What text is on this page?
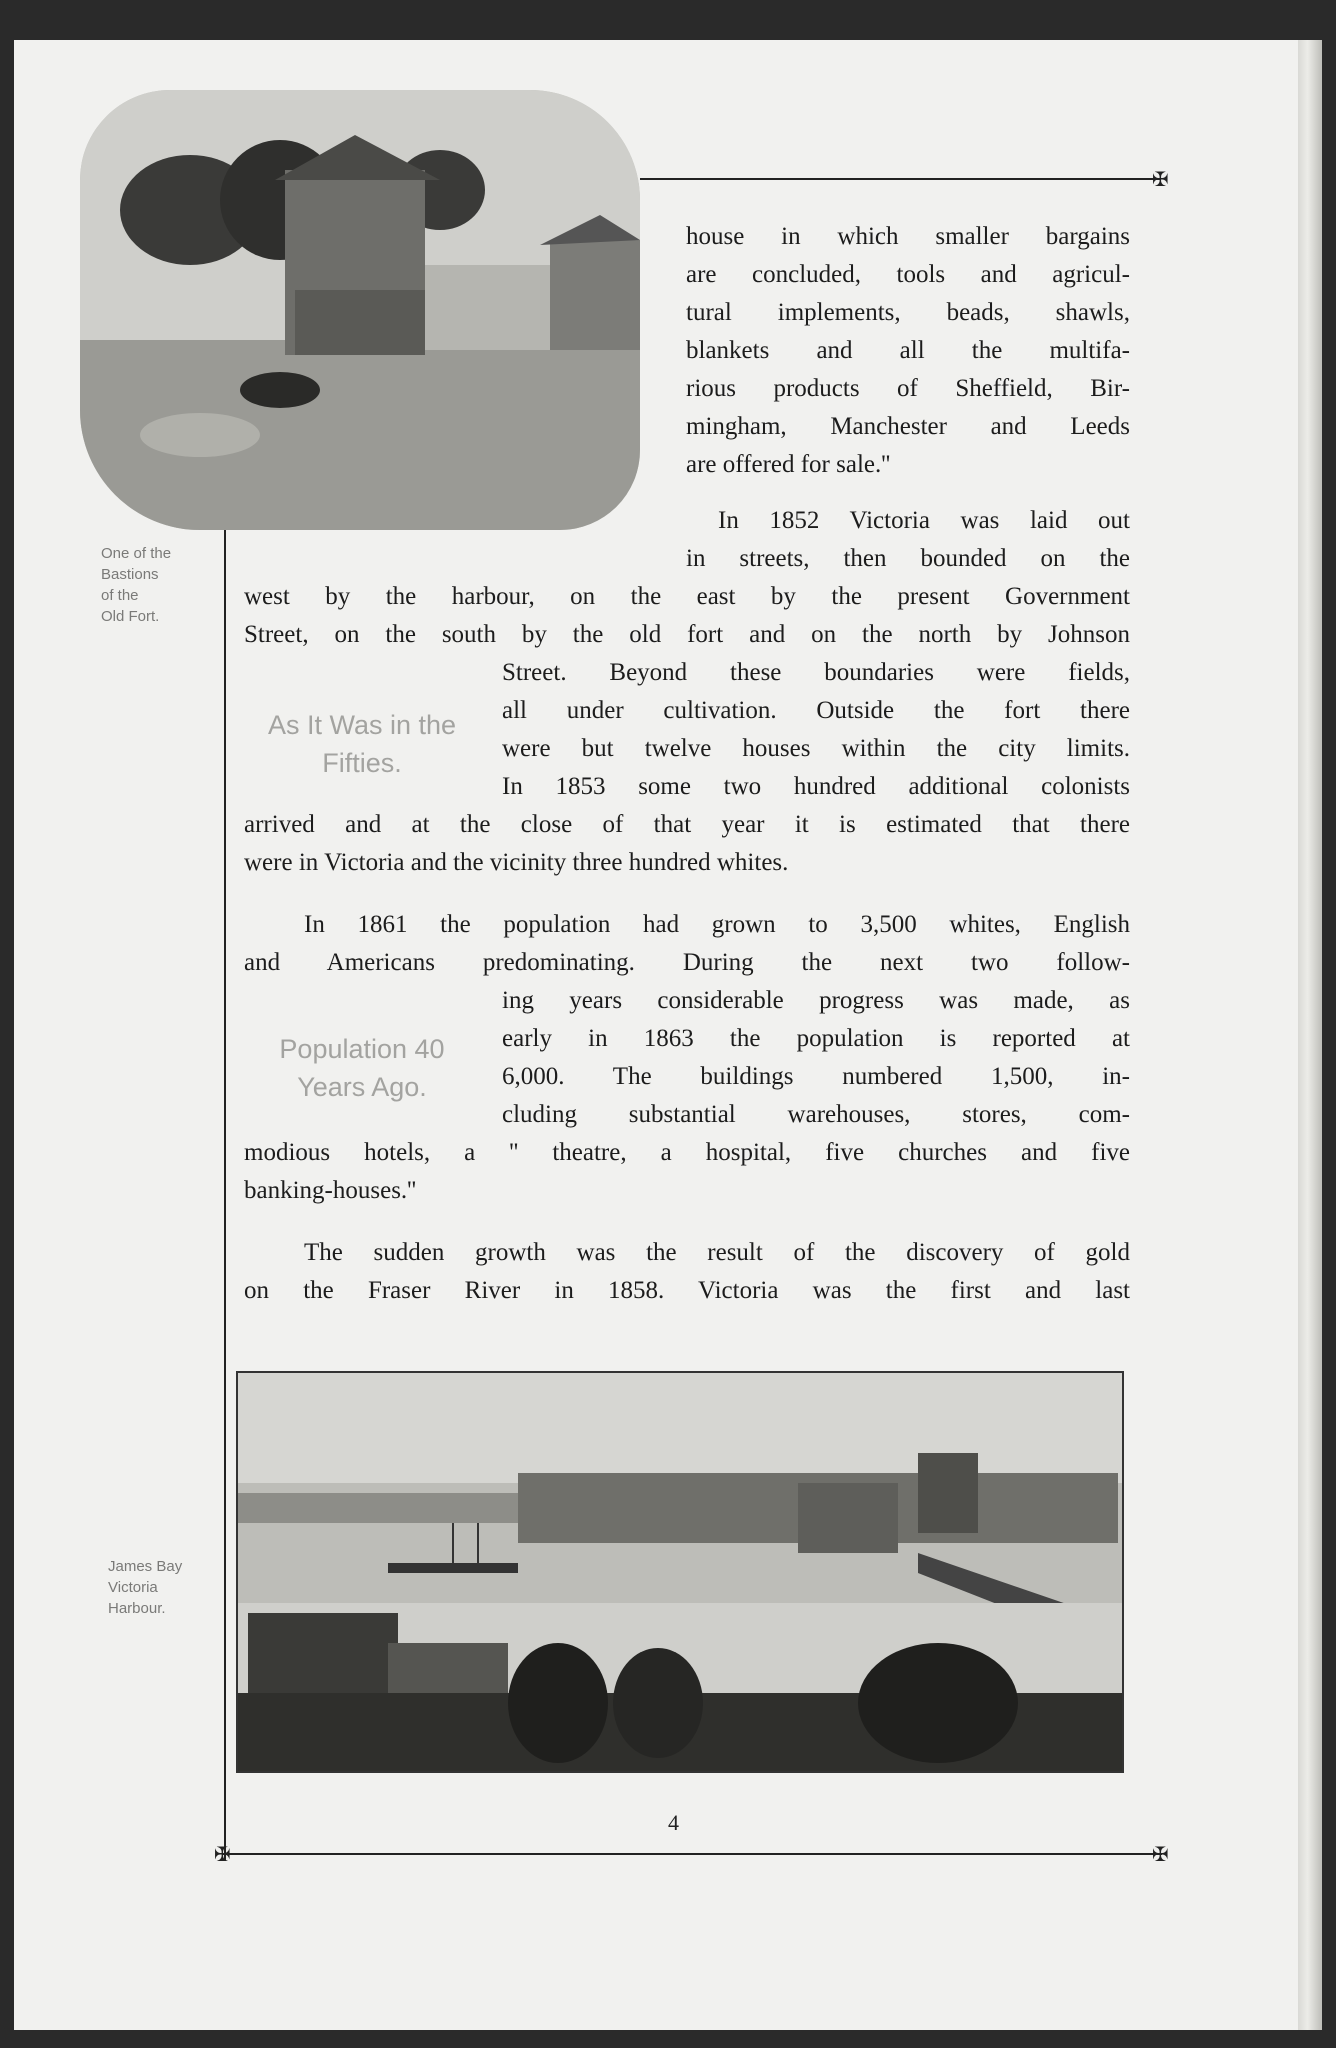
✠
✠	✠
One of the
Bastions
of the
Old Fort.
house in which smaller bargains
are concluded, tools and agricul-
tural implements, beads, shawls,
blankets and all the multifa-
rious products of Sheffield, Bir-
mingham, Manchester and Leeds
are offered for sale.''
In 1852 Victoria was laid out
in streets, then bounded on the
west by the harbour, on the east by the present Government
Street, on the south by the old fort and on the north by Johnson
Street. Beyond these boundaries were fields,
all under cultivation. Outside the fort there
were but twelve houses within the city limits.
In 1853 some two hundred additional colonists
arrived and at the close of that year it is estimated that there
were in Victoria and the vicinity three hundred whites.
As It Was in the
Fifties.
In 1861 the population had grown to 3,500 whites, English
and Americans predominating. During the next two follow-
ing years considerable progress was made, as
early in 1863 the population is reported at
6,000. The buildings numbered 1,500, in-
cluding substantial warehouses, stores, com-
modious hotels, a '' theatre, a hospital, five churches and five
banking-houses.''
Population 40
Years Ago.
The sudden growth was the result of the discovery of gold
on the Fraser River in 1858. Victoria was the first and last
James Bay
Victoria
Harbour.
4
